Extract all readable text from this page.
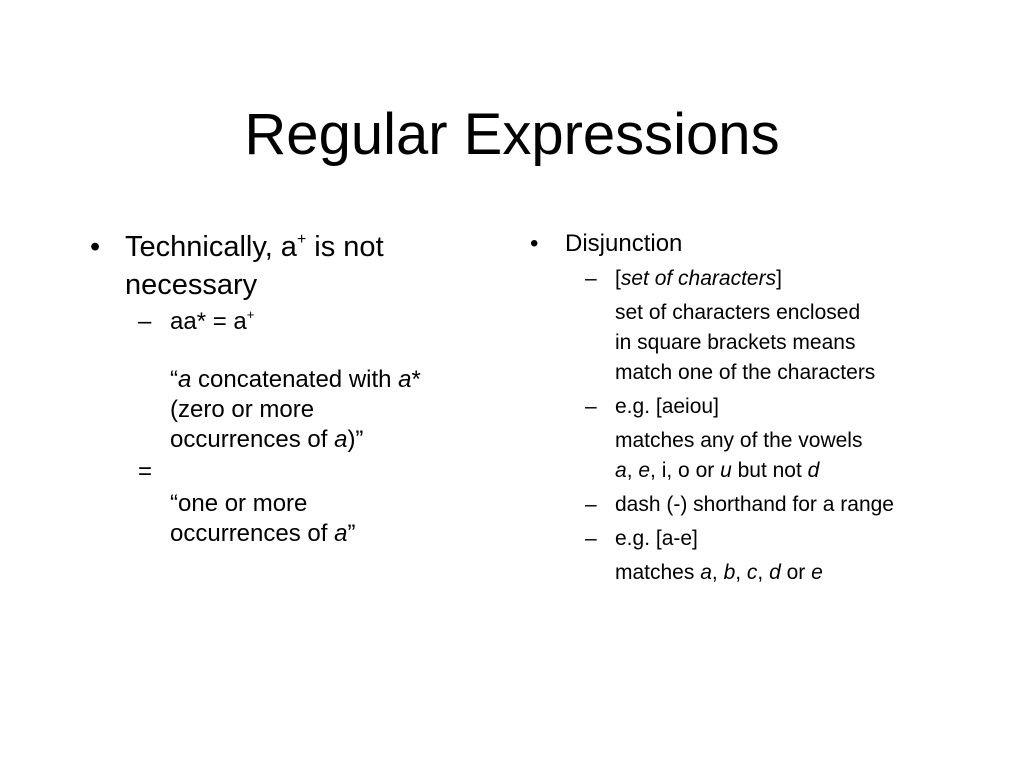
Regular Expressions
• Technically, a+ is not necessary
– aa* = a+
“a concatenated with a*
(zero or more
occurrences of a)”
=

“one or more
occurrences of a”
• Disjunction
– [set of characters]
set of characters enclosed
in square brackets means
match one of the characters
– e.g. [aeiou]
matches any of the vowels
a, e, i, o or u but not d
– dash (-) shorthand for a range
– e.g. [a-e]
matches a, b, c, d or e
